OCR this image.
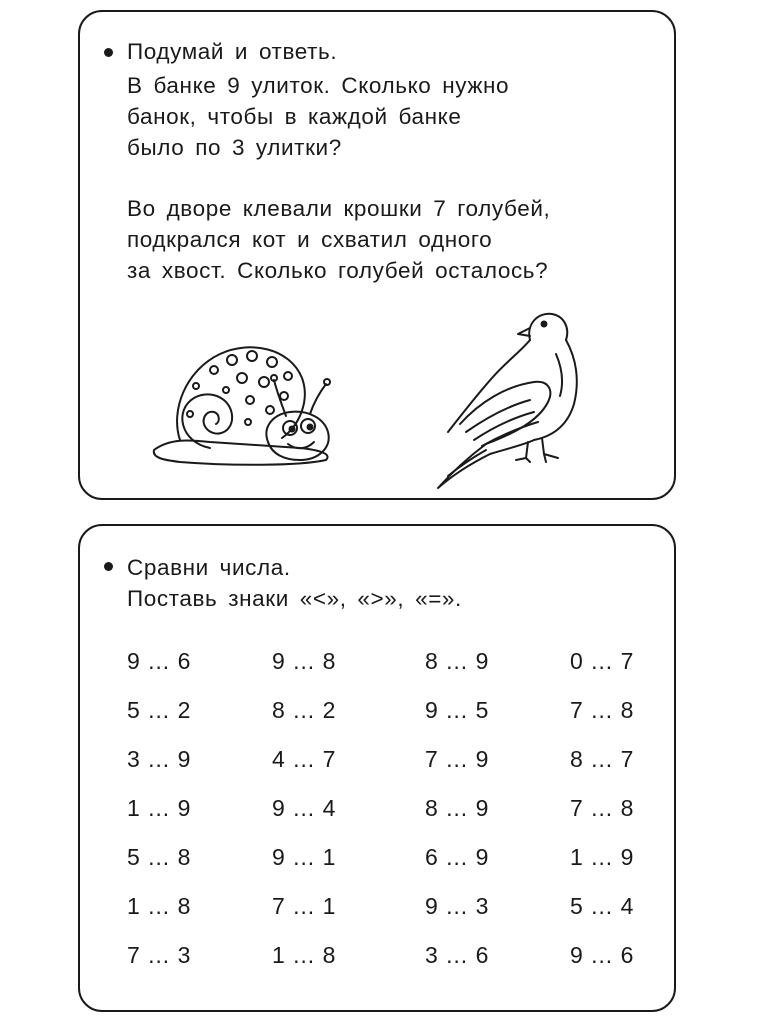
Подумай и ответь.
В банке 9 улиток. Сколько нужно
банок, чтобы в каждой банке
было по 3 улитки?
Во дворе клевали крошки 7 голубей,
подкрался кот и схватил одного
за хвост. Сколько голубей осталось?
Сравни числа.
Поставь знаки «<», «>», «=».
9 … 6	9 … 8	8 … 9	0 … 7
5 … 2	8 … 2	9 … 5	7 … 8
3 … 9	4 … 7	7 … 9	8 … 7
1 … 9	9 … 4	8 … 9	7 … 8
5 … 8	9 … 1	6 … 9	1 … 9
1 … 8	7 … 1	9 … 3	5 … 4
7 … 3	1 … 8	3 … 6	9 … 6
